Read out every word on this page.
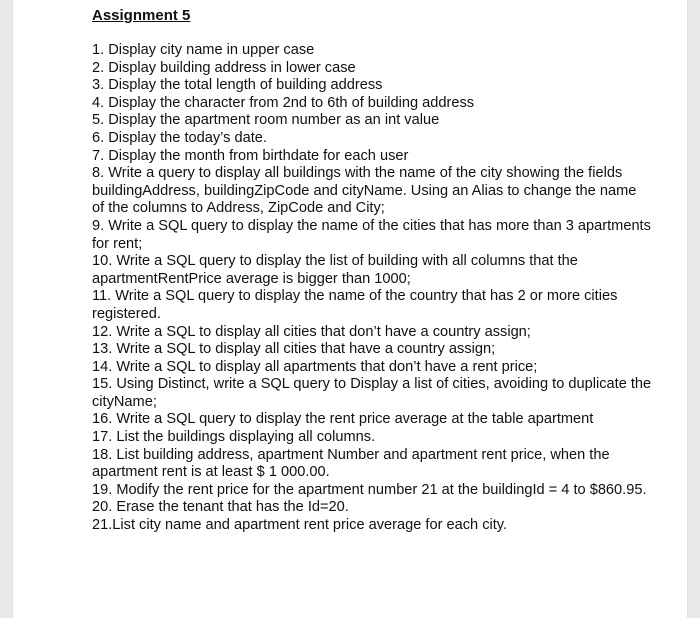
Assignment 5
1. Display city name in upper case
2. Display building address in lower case
3. Display the total length of building address
4. Display the character from 2nd to 6th of building address
5. Display the apartment room number as an int value
6. Display the today’s date.
7. Display the month from birthdate for each user
8. Write a query to display all buildings with the name of the city showing the fields buildingAddress, buildingZipCode and cityName. Using an Alias to change the name of the columns to Address, ZipCode and City;
9. Write a SQL query to display the name of the cities that has more than 3 apartments for rent;
10. Write a SQL query to display the list of building with all columns that the apartmentRentPrice average is bigger than 1000;
11. Write a SQL query to display the name of the country that has 2 or more cities registered.
12. Write a SQL to display all cities that don’t have a country assign;
13. Write a SQL to display all cities that have a country assign;
14. Write a SQL to display all apartments that don’t have a rent price;
15. Using Distinct, write a SQL query to Display a list of cities, avoiding to duplicate the cityName;
16. Write a SQL query to display the rent price average at the table apartment
17. List the buildings displaying all columns.
18. List building address, apartment Number and apartment rent price, when the apartment rent is at least $ 1 000.00.
19. Modify the rent price for the apartment number 21 at the buildingId = 4 to $860.95.
20. Erase the tenant that has the Id=20.
21.List city name and apartment rent price average for each city.
